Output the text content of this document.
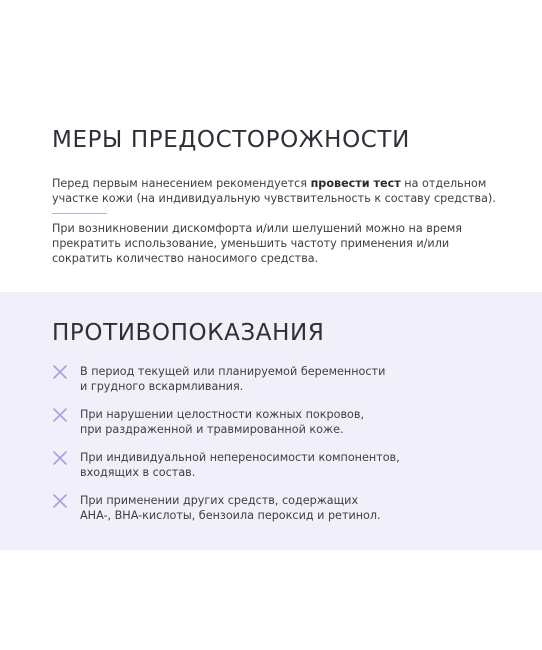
МЕРЫ ПРЕДОСТОРОЖНОСТИ

Перед первым нанесением рекомендуется провести тест на отдельном участке кожи (на индивидуальную чувствительность к составу средства).

При возникновении дискомфорта и/или шелушений можно на время прекратить использование, уменьшить частоту применения и/или сократить количество наносимого средства.

ПРОТИВОПОКАЗАНИЯ
В период текущей или планируемой беременности
и грудного вскармливания.
При нарушении целостности кожных покровов,
при раздраженной и травмированной коже.
При индивидуальной непереносимости компонентов,
входящих в состав.
При применении других средств, содержащих
AHA-, BHA-кислоты, бензоила пероксид и ретинол.
